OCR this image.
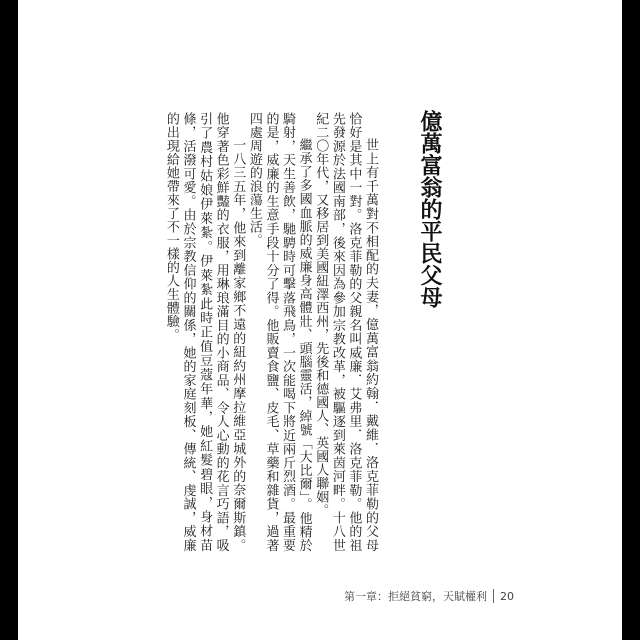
億萬富翁的平民父母

世上有千萬對不相配的夫妻，億萬富翁約翰．戴維．洛克菲勒的父母恰好是其中一對。洛克菲勒的父親名叫威廉．艾弗里．洛克菲勒。他的祖先發源於法國南部，後來因為參加宗教改革，被驅逐到萊茵河畔。十八世紀二〇年代，又移居到美國紐澤西州，先後和德國人、英國人聯姻。

繼承了多國血脈的威廉身高體壯、頭腦靈活，綽號「大比爾」。他精於騎射，天生善飲，馳騁時可擊落飛鳥，一次能喝下將近兩斤烈酒。最重要的是，威廉的生意手段十分了得。他販賣食鹽、皮毛、草藥和雜貨，過著四處周遊的浪蕩生活。

一八三五年，他來到離家鄉不遠的紐約州摩拉維亞城外的奈爾斯鎮。他穿著色彩鮮豔的衣服，用琳琅滿目的小商品、令人心動的花言巧語，吸引了農村姑娘伊萊紮。伊萊紮此時正值豆蔻年華，她紅髮碧眼，身材苗條，活潑可愛。由於宗教信仰的關係，她的家庭刻板、傳統、虔誠，威廉的出現給她帶來了不一樣的人生體驗。

第一章：拒絕貧窮，天賦權利 20
